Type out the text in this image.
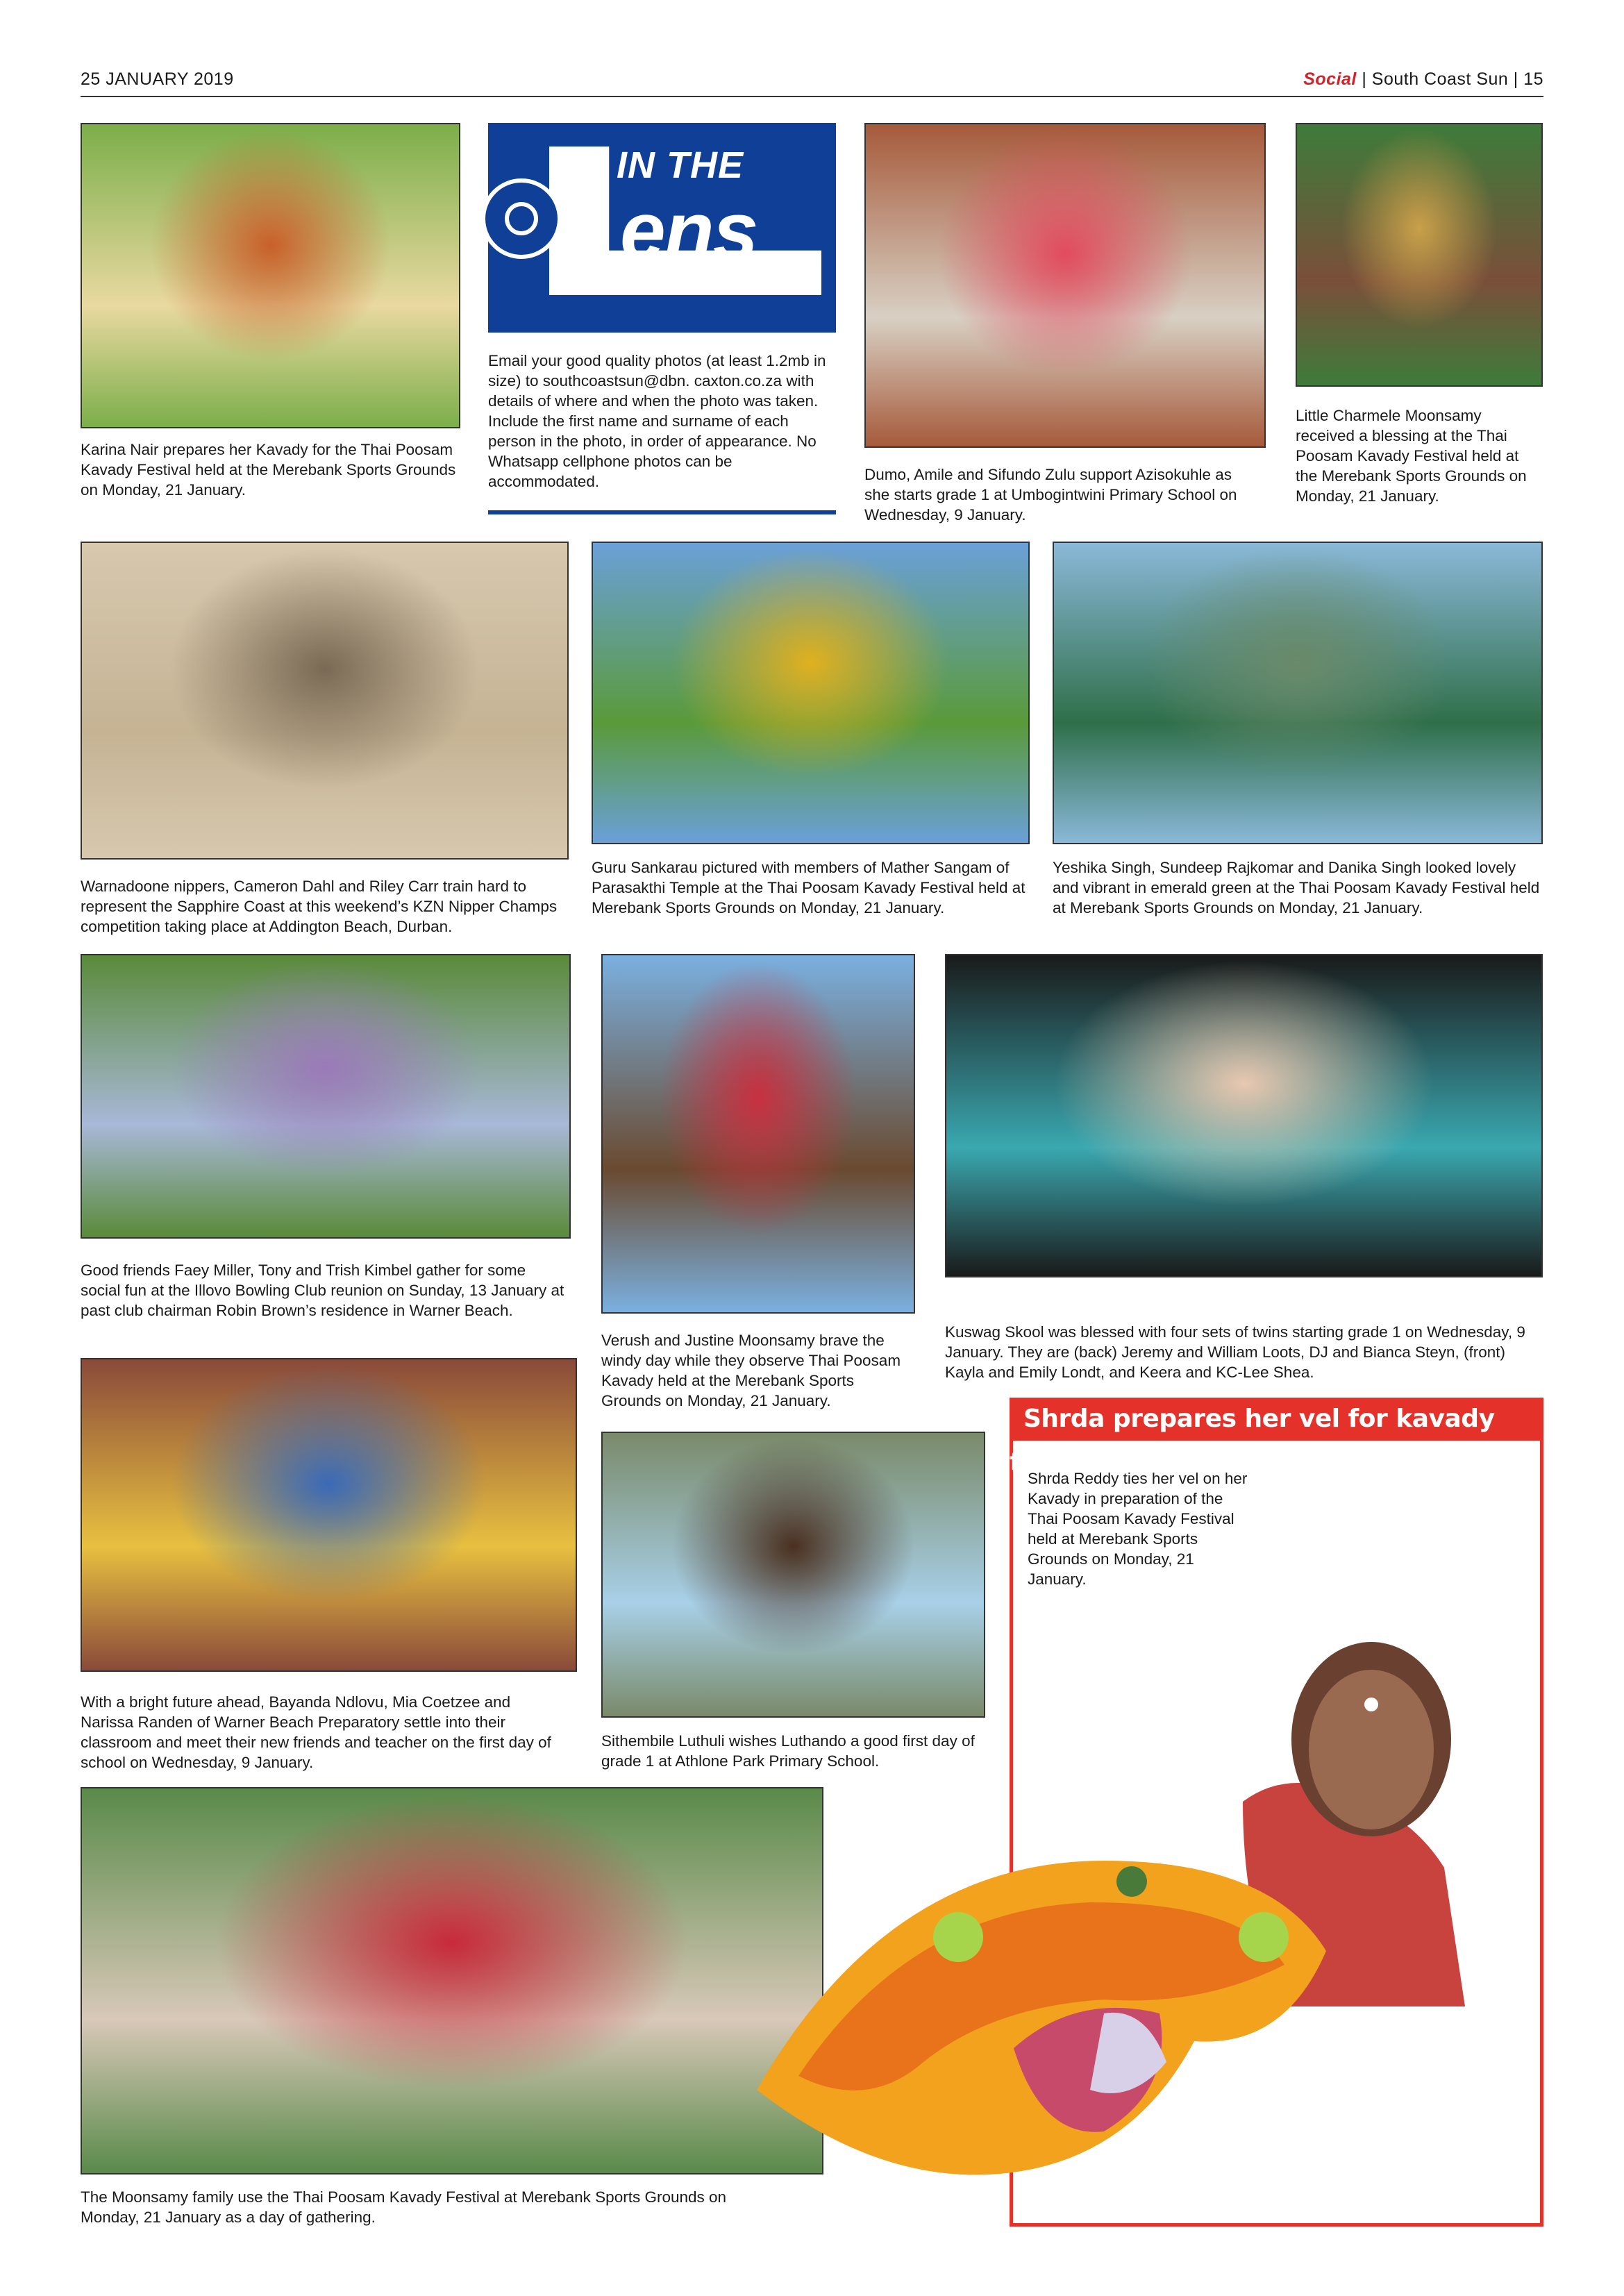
25 JANUARY 2019	Social | South Coast Sun | 15
IN THE
ens
Email your good quality photos (at least 1.2mb in size) to southcoastsun@dbn. caxton.co.za with details of where and when the photo was taken. Include the first name and surname of each person in the photo, in order of appearance. No Whatsapp cellphone photos can be accommodated.
Karina Nair prepares her Kavady for the Thai Poosam Kavady Festival held at the Merebank Sports Grounds on Monday, 21 January.
Dumo, Amile and Sifundo Zulu support Azisokuhle as she starts grade 1 at Umbogintwini Primary School on Wednesday, 9 January.
Little Charmele Moonsamy received a blessing at the Thai Poosam Kavady Festival held at the Merebank Sports Grounds on Monday, 21 January.
Warnadoone nippers, Cameron Dahl and Riley Carr train hard to represent the Sapphire Coast at this weekend’s KZN Nipper Champs competition taking place at Addington Beach, Durban.
Guru Sankarau pictured with members of Mather Sangam of Parasakthi Temple at the Thai Poosam Kavady Festival held at Merebank Sports Grounds on Monday, 21 January.
Yeshika Singh, Sundeep Rajkomar and Danika Singh looked lovely and vibrant in emerald green at the Thai Poosam Kavady Festival held at Merebank Sports Grounds on Monday, 21 January.
Good friends Faey Miller, Tony and Trish Kimbel gather for some social fun at the Illovo Bowling Club reunion on Sunday, 13 January at past club chairman Robin Brown’s residence in Warner Beach.
Verush and Justine Moonsamy brave the windy day while they observe Thai Poosam Kavady held at the Merebank Sports Grounds on Monday, 21 January.
Kuswag Skool was blessed with four sets of twins starting grade 1 on Wednesday, 9 January. They are (back) Jeremy and William Loots, DJ and Bianca Steyn, (front) Kayla and Emily Londt, and Keera and KC-Lee Shea.
With a bright future ahead, Bayanda Ndlovu, Mia Coetzee and Narissa Randen of Warner Beach Preparatory settle into their classroom and meet their new friends and teacher on the first day of school on Wednesday, 9 January.
Sithembile Luthuli wishes Luthando a good first day of grade 1 at Athlone Park Primary School.
The Moonsamy family use the Thai Poosam Kavady Festival at Merebank Sports Grounds on Monday, 21 January as a day of gathering.
Shrda prepares her vel for kavady festivities
Shrda Reddy ties her vel on her Kavady in preparation of the Thai Poosam Kavady Festival held at Merebank Sports Grounds on Monday, 21 January.
